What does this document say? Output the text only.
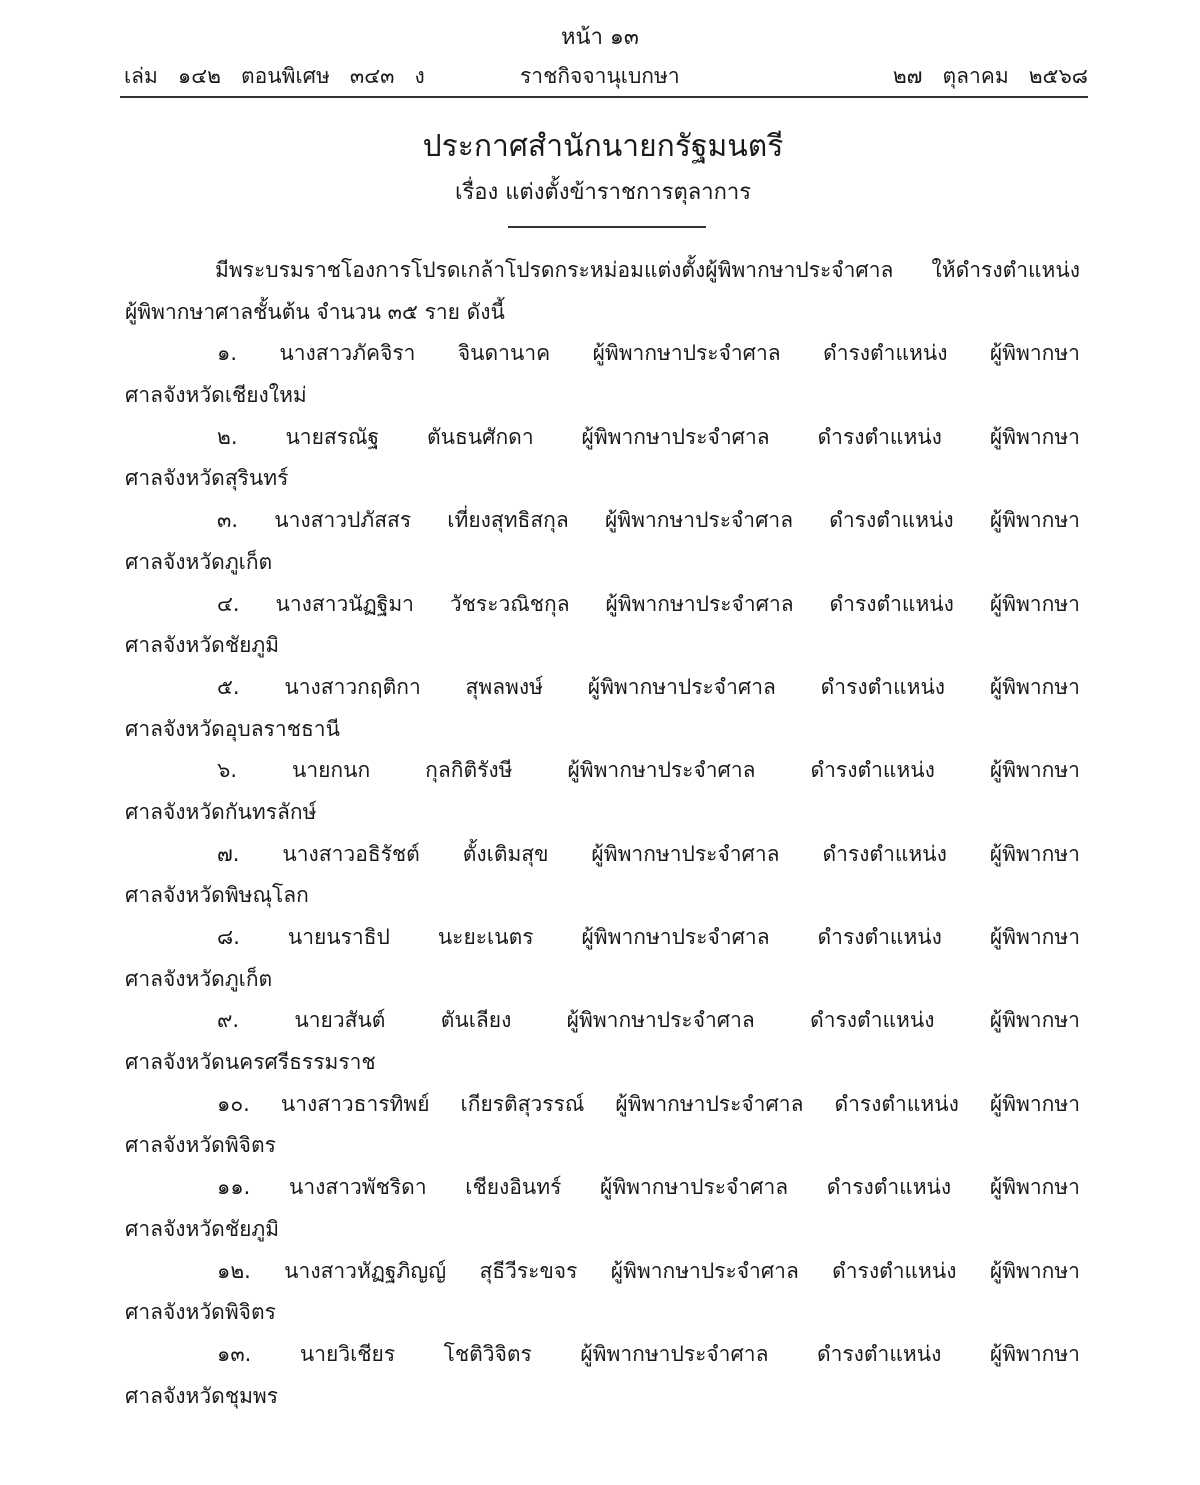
หน้า ๑๓
เล่ม   ๑๔๒   ตอนพิเศษ   ๓๔๓   ง	ราชกิจจานุเบกษา	๒๗   ตุลาคม   ๒๕๖๘
ประกาศสำนักนายกรัฐมนตรี
เรื่อง แต่งตั้งข้าราชการตุลาการ
มีพระบรมราชโองการโปรดเกล้าโปรดกระหม่อมแต่งตั้งผู้พิพากษาประจำศาล ให้ดำรงตำแหน่ง
ผู้พิพากษาศาลชั้นต้น จำนวน ๓๕ ราย ดังนี้
๑. นางสาวภัคจิรา จินดานาค ผู้พิพากษาประจำศาล ดำรงตำแหน่ง ผู้พิพากษา
ศาลจังหวัดเชียงใหม่
๒. นายสรณัฐ ตันธนศักดา ผู้พิพากษาประจำศาล ดำรงตำแหน่ง ผู้พิพากษา
ศาลจังหวัดสุรินทร์
๓. นางสาวปภัสสร เที่ยงสุทธิสกุล ผู้พิพากษาประจำศาล ดำรงตำแหน่ง ผู้พิพากษา
ศาลจังหวัดภูเก็ต
๔. นางสาวนัฏฐิมา วัชระวณิชกุล ผู้พิพากษาประจำศาล ดำรงตำแหน่ง ผู้พิพากษา
ศาลจังหวัดชัยภูมิ
๕. นางสาวกฤติกา สุพลพงษ์ ผู้พิพากษาประจำศาล ดำรงตำแหน่ง ผู้พิพากษา
ศาลจังหวัดอุบลราชธานี
๖.	นายกนก	กุลกิติรังษี	ผู้พิพากษาประจำศาล	ดำรงตำแหน่ง	ผู้พิพากษา
ศาลจังหวัดกันทรลักษ์
๗. นางสาวอธิรัชต์ ตั้งเติมสุข ผู้พิพากษาประจำศาล ดำรงตำแหน่ง ผู้พิพากษา
ศาลจังหวัดพิษณุโลก
๘. นายนราธิป นะยะเนตร ผู้พิพากษาประจำศาล ดำรงตำแหน่ง ผู้พิพากษา
ศาลจังหวัดภูเก็ต
๙.	นายวสันต์	ตันเลียง	ผู้พิพากษาประจำศาล	ดำรงตำแหน่ง	ผู้พิพากษา
ศาลจังหวัดนครศรีธรรมราช
๑๐. นางสาวธารทิพย์ เกียรติสุวรรณ์ ผู้พิพากษาประจำศาล ดำรงตำแหน่ง ผู้พิพากษา
ศาลจังหวัดพิจิตร
๑๑. นางสาวพัชริดา เชียงอินทร์ ผู้พิพากษาประจำศาล ดำรงตำแหน่ง ผู้พิพากษา
ศาลจังหวัดชัยภูมิ
๑๒. นางสาวหัฏฐภิญญ์ สุธีวีระขจร ผู้พิพากษาประจำศาล ดำรงตำแหน่ง ผู้พิพากษา
ศาลจังหวัดพิจิตร
๑๓. นายวิเชียร โชติวิจิตร ผู้พิพากษาประจำศาล ดำรงตำแหน่ง ผู้พิพากษา
ศาลจังหวัดชุมพร
